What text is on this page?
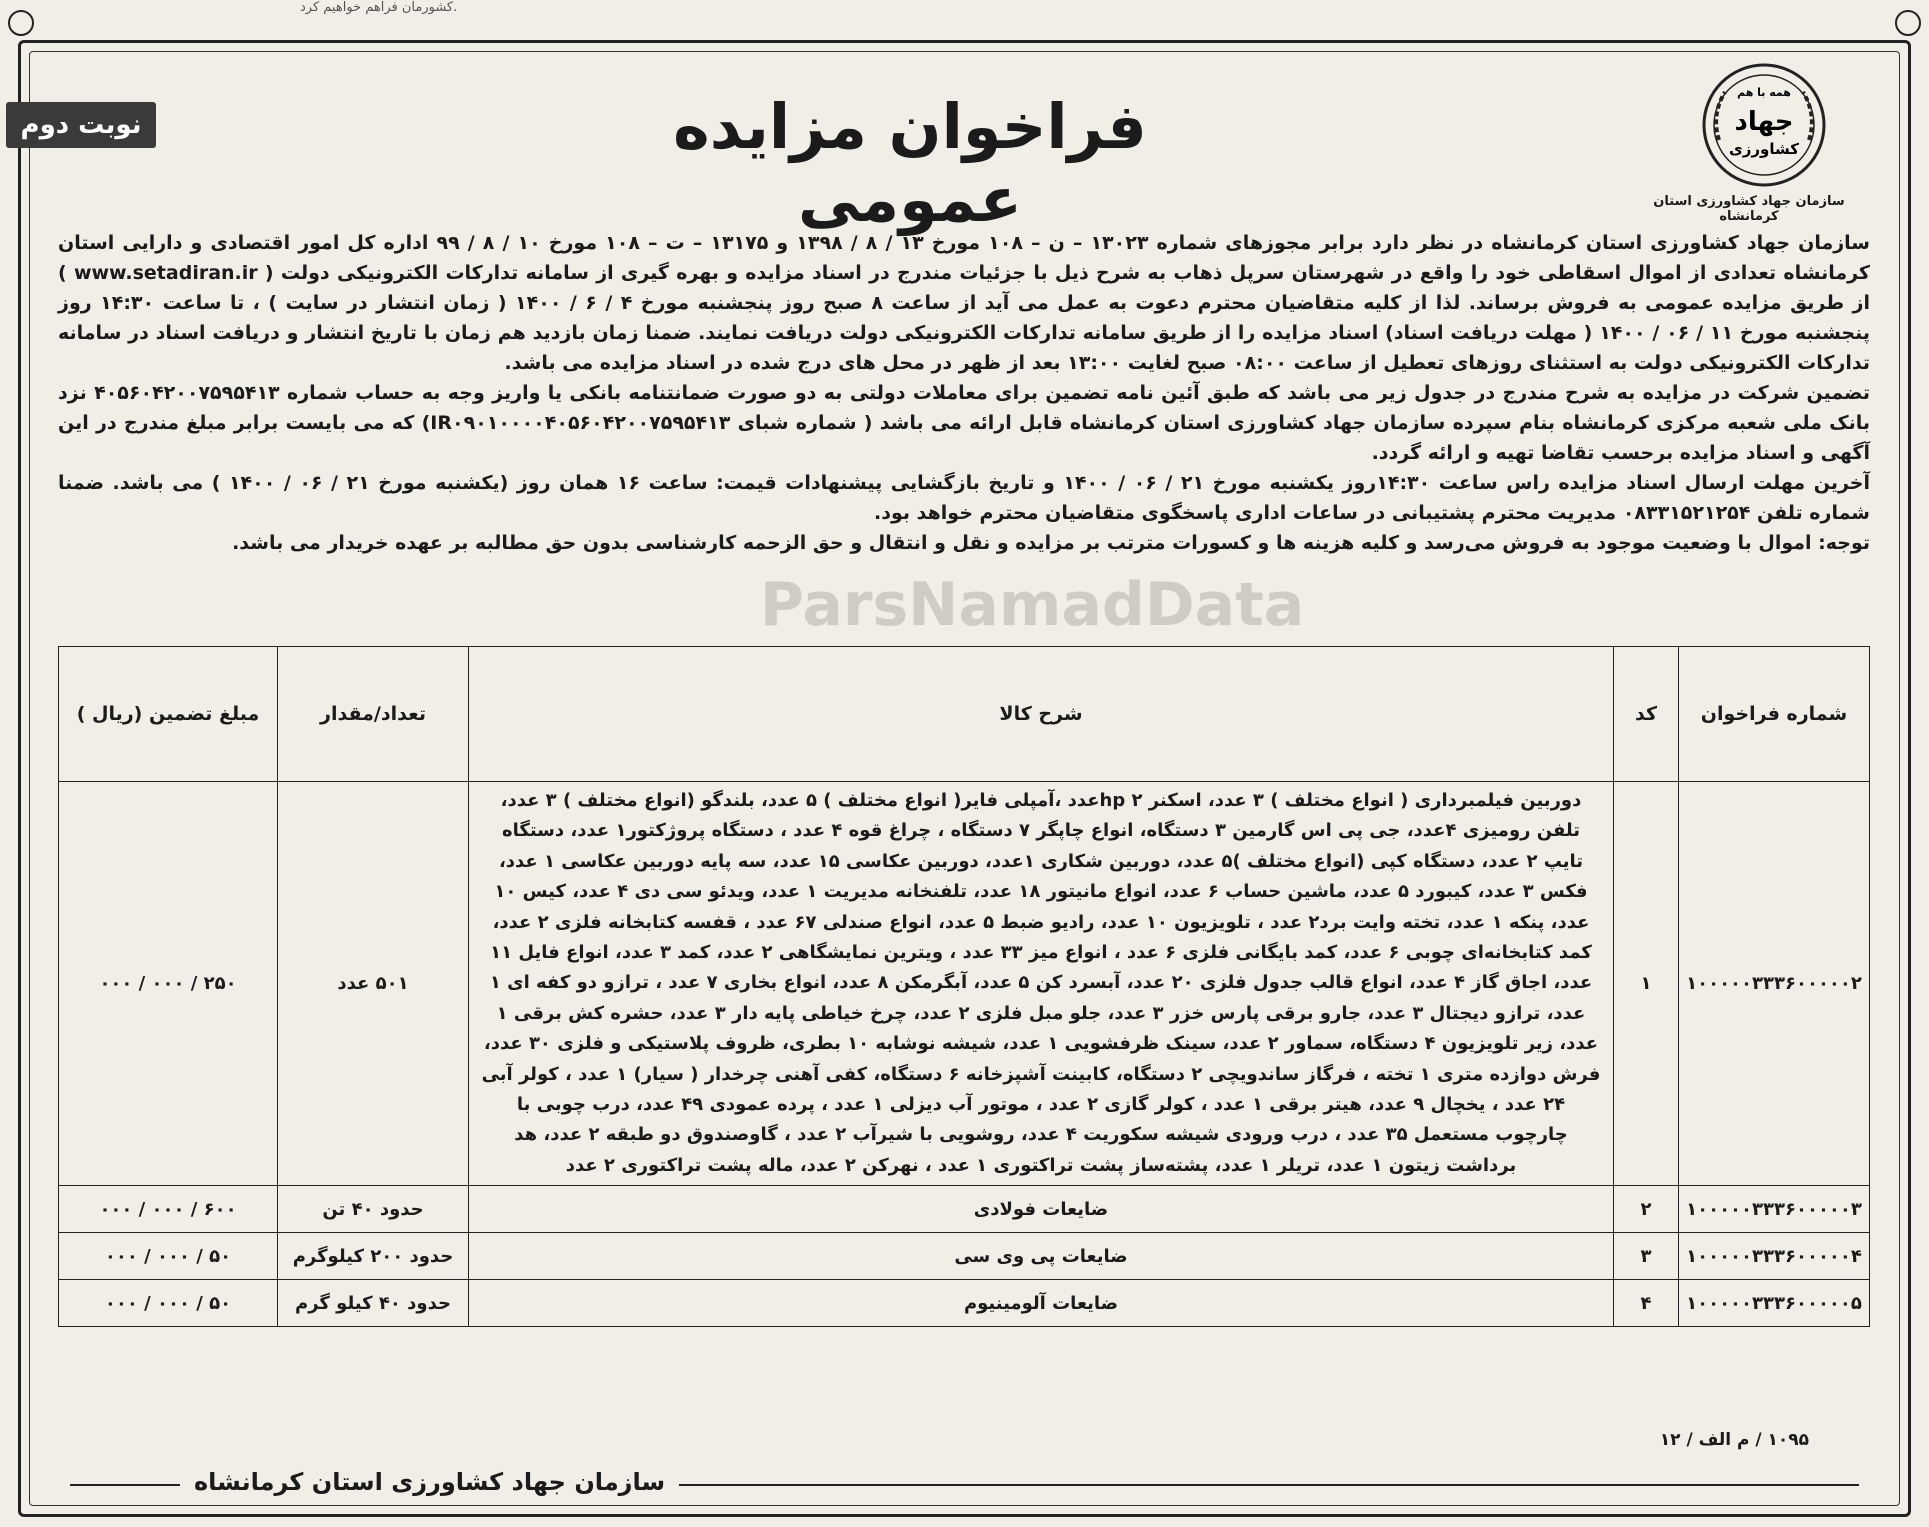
کشورمان فراهم خواهیم کرد.
نوبت دوم	فراخوان مزایده عمومی
همه با هم
جهاد
کشاورزی
سازمان جهاد کشاورزی استان کرمانشاه

سازمان جهاد کشاورزی استان کرمانشاه در نظر دارد برابر مجوزهای شماره ۱۳۰۲۳ – ن – ۱۰۸ مورخ ۱۳ / ۸ / ۱۳۹۸ و ۱۳۱۷۵ – ت – ۱۰۸ مورخ ۱۰ / ۸ / ۹۹ اداره کل امور اقتصادی و دارایی استان کرمانشاه تعدادی از اموال اسقاطی خود را واقع در شهرستان سرپل ذهاب به شرح ذیل با جزئیات مندرج در اسناد مزایده و بهره گیری از سامانه تدارکات الکترونیکی دولت ( www.setadiran.ir ) از طریق مزایده عمومی به فروش برساند. لذا از کلیه متقاضیان محترم دعوت به عمل می آید از ساعت ۸ صبح روز پنجشنبه مورخ ۴ / ۶ / ۱۴۰۰ ( زمان انتشار در سایت ) ، تا ساعت ۱۴:۳۰ روز پنجشنبه مورخ ۱۱ / ۰۶ / ۱۴۰۰ ( مهلت دریافت اسناد) اسناد مزایده را از طریق سامانه تدارکات الکترونیکی دولت دریافت نمایند. ضمنا زمان بازدید هم زمان با تاریخ انتشار و دریافت اسناد در سامانه تدارکات الکترونیکی دولت به استثنای روزهای تعطیل از ساعت ۰۸:۰۰ صبح لغایت ۱۳:۰۰ بعد از ظهر در محل های درج شده در اسناد مزایده می باشد.

تضمین شرکت در مزایده به شرح مندرج در جدول زیر می باشد که طبق آئین نامه تضمین برای معاملات دولتی به دو صورت ضمانتنامه بانکی یا واریز وجه به حساب شماره ۴۰۵۶۰۴۲۰۰۷۵۹۵۴۱۳ نزد بانک ملی شعبه مرکزی کرمانشاه بنام سپرده سازمان جهاد کشاورزی استان کرمانشاه قابل ارائه می باشد ( شماره شبای IR۰۹۰۱۰۰۰۰۴۰۵۶۰۴۲۰۰۷۵۹۵۴۱۳) که می بایست برابر مبلغ مندرج در این آگهی و اسناد مزایده برحسب تقاضا تهیه و ارائه گردد.

آخرین مهلت ارسال اسناد مزایده راس ساعت ۱۴:۳۰روز یکشنبه مورخ ۲۱ / ۰۶ / ۱۴۰۰ و تاریخ بازگشایی پیشنهادات قیمت: ساعت ۱۶ همان روز (یکشنبه مورخ ۲۱ / ۰۶ / ۱۴۰۰ ) می باشد. ضمنا شماره تلفن ۰۸۳۳۱۵۲۱۲۵۴ مدیریت محترم پشتیبانی در ساعات اداری پاسخگوی متقاضیان محترم خواهد بود.

توجه: اموال با وضعیت موجود به فروش می‌رسد و کلیه هزینه ها و کسورات مترتب بر مزایده و نقل و انتقال و حق الزحمه کارشناسی بدون حق مطالبه بر عهده خریدار می باشد.

ParsNamadData
شماره فراخوان	کد	شرح کالا	تعداد/مقدار	مبلغ تضمین (ریال )
۱۰۰۰۰۰۳۳۳۶۰۰۰۰۰۲	۱	دوربین فیلمبرداری ( انواع مختلف ) ۳ عدد، اسکنر hp ۲عدد ،آمپلی فایر( انواع مختلف ) ۵ عدد، بلندگو (انواع مختلف ) ۳ عدد، تلفن رومیزی ۴عدد، جی پی اس گارمین ۳ دستگاه، انواع چاپگر ۷ دستگاه ، چراغ قوه ۴ عدد ، دستگاه پروژکتور۱ عدد، دستگاه تایپ ۲ عدد، دستگاه کپی (انواع مختلف )۵ عدد، دوربین شکاری ۱عدد، دوربین عکاسی ۱۵ عدد، سه پایه دوربین عکاسی ۱ عدد، فکس ۳ عدد، کیبورد ۵ عدد، ماشین حساب ۶ عدد، انواع مانیتور ۱۸ عدد، تلفنخانه مدیریت ۱ عدد، ویدئو سی دی ۴ عدد، کیس ۱۰ عدد، پنکه ۱ عدد، تخته وایت برد۲ عدد ، تلویزیون ۱۰ عدد، رادیو ضبط ۵ عدد، انواع صندلی ۶۷ عدد ، قفسه کتابخانه فلزی ۲ عدد، کمد کتابخانه‌ای چوبی ۶ عدد، کمد بایگانی فلزی ۶ عدد ، انواع میز ۳۳ عدد ، ویترین نمایشگاهی ۲ عدد، کمد ۳ عدد، انواع فایل ۱۱ عدد، اجاق گاز ۴ عدد، انواع قالب جدول فلزی ۲۰ عدد، آبسرد کن ۵ عدد، آبگرمکن ۸ عدد، انواع بخاری ۷ عدد ، ترازو دو کفه ای ۱ عدد، ترازو دیجتال ۳ عدد، جارو برقی پارس خزر ۳ عدد، جلو مبل فلزی ۲ عدد، چرخ خیاطی پایه دار ۳ عدد، حشره کش برقی ۱ عدد، زیر تلویزیون ۴ دستگاه، سماور ۲ عدد، سینک ظرفشویی ۱ عدد، شیشه نوشابه ۱۰ بطری، ظروف پلاستیکی و فلزی ۳۰ عدد، فرش دوازده متری ۱ تخته ، فرگاز ساندویچی ۲ دستگاه، کابینت آشپزخانه ۶ دستگاه، کفی آهنی چرخدار ( سیار) ۱ عدد ، کولر آبی ۲۴ عدد ، یخچال ۹ عدد، هیتر برقی ۱ عدد ، کولر گازی ۲ عدد ، موتور آب دیزلی ۱ عدد ، پرده عمودی ۴۹ عدد، درب چوبی با چارچوب مستعمل ۳۵ عدد ، درب ورودی شیشه سکوریت ۴ عدد، روشویی با شیرآب ۲ عدد ، گاوصندوق دو طبقه ۲ عدد، هد برداشت زیتون ۱ عدد، تریلر ۱ عدد، پشته‌ساز پشت تراکتوری ۱ عدد ، نهرکن ۲ عدد، ماله پشت تراکتوری ۲ عدد	۵۰۱ عدد	۲۵۰ / ۰۰۰ / ۰۰۰
۱۰۰۰۰۰۳۳۳۶۰۰۰۰۰۳	۲	ضایعات فولادی	حدود ۴۰ تن	۶۰۰ / ۰۰۰ / ۰۰۰
۱۰۰۰۰۰۳۳۳۶۰۰۰۰۰۴	۳	ضایعات پی وی سی	حدود ۲۰۰ کیلوگرم	۵۰ / ۰۰۰ / ۰۰۰
۱۰۰۰۰۰۳۳۳۶۰۰۰۰۰۵	۴	ضایعات آلومینیوم	حدود ۴۰ کیلو گرم	۵۰ / ۰۰۰ / ۰۰۰
۱۰۹۵ / م الف / ۱۲
سازمان جهاد کشاورزی استان کرمانشاه
